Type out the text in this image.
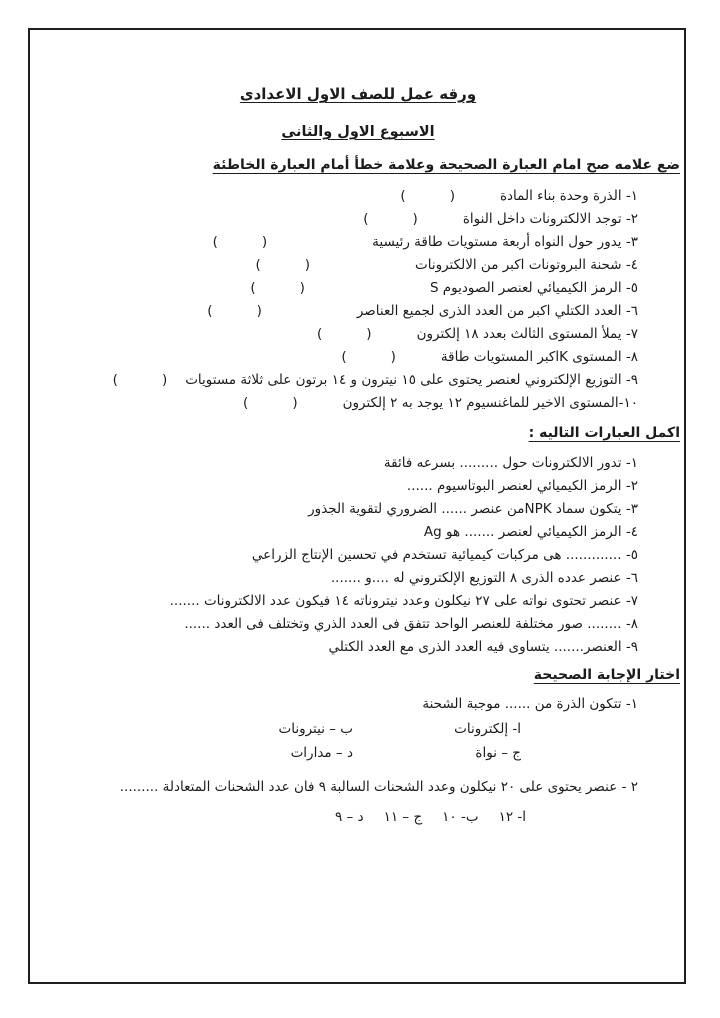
ورقه عمل للصف الاول الاعدادى
الاسبوع الاول والثانى
ضع علامه صح امام العبارة الصحيحة وعلامة خطأ أمام العبارة الخاطئة
١- الذرة وحدة بناء المادة
(
)
٢- توجد الالكترونات داخل النواة
(
)
٣- يدور حول النواه أربعة مستويات طاقة رئيسية
(
)
٤- شحنة البروتونات اكبر من الالكترونات
(
)
٥- الرمز الكيميائي لعنصر الصوديوم S
(
)
٦- العدد الكتلي اكبر من العدد الذرى لجميع العناصر
(
)
٧- يملأ المستوى الثالث بعدد ١٨ إلكترون
(
)
٨- المستوى Kاكبر المستويات طاقة
(
)
٩- التوزيع الإلكتروني لعنصر يحتوى على ١٥ نيترون و ١٤ برتون على ثلاثة مستويات
(
)
١٠-المستوى الاخير للماغنسيوم ١٢ يوجد به ٢ إلكترون
(
)
اكمل العبارات التاليه :
١- تدور الالكترونات حول ......... بسرعه فائقة
٢- الرمز الكيميائي لعنصر البوتاسيوم ......
٣- يتكون سماد NPKمن عنصر ...... الضروري لتقوية الجذور
٤- الرمز الكيميائي لعنصر ....... هو Ag
٥- ............. هى مركبات كيميائية تستخدم في تحسين الإنتاج الزراعي
٦- عنصر عدده الذرى ٨ التوزيع الإلكتروني له ....و .......
٧- عنصر تحتوى نواته على ٢٧ نيكلون وعدد نيتروناته ١٤ فيكون عدد الالكترونات .......
٨- ........ صور مختلفة للعنصر الواحد تتفق فى العدد الذري وتختلف فى العدد ......
٩- العنصر....... يتساوى فيه العدد الذرى مع العدد الكتلي
اختار الإجابة الصحيحة
١- تتكون الذرة من ...... موجبة الشحنة
ا- إلكترونات
ب – نيترونات
ج – نواة
د – مدارات
٢ - عنصر يحتوى على ٢٠ نيكلون وعدد الشحنات السالبة ٩ فان عدد الشحنات المتعادلة .........
ا- ١٢
ب- ١٠
ج – ١١
د – ٩
